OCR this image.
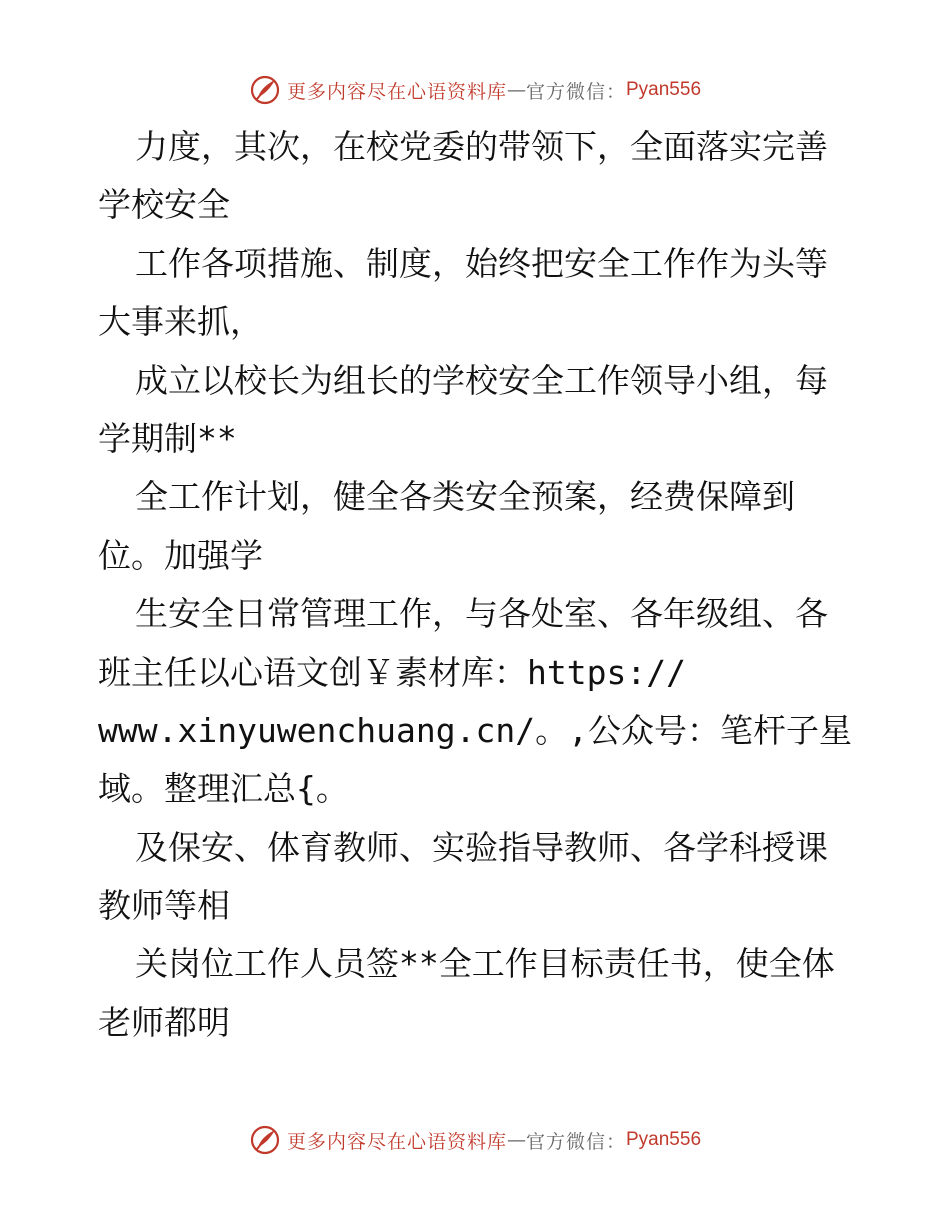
更多内容尽在心语资料库 — 官方微信： Pyan556
力度，其次，在校党委的带领下，全面落实完善
学校安全
工作各项措施、制度，始终把安全工作作为头等
大事来抓，
成立以校长为组长的学校安全工作领导小组，每
学期制**
全工作计划，健全各类安全预案，经费保障到
位。加强学
生安全日常管理工作，与各处室、各年级组、各
班主任以心语文创￥素材库：https://
www.xinyuwenchuang.cn/。,公众号：笔杆子星
域。整理汇总{。
及保安、体育教师、实验指导教师、各学科授课
教师等相
关岗位工作人员签**全工作目标责任书，使全体
老师都明
更多内容尽在心语资料库 — 官方微信： Pyan556
